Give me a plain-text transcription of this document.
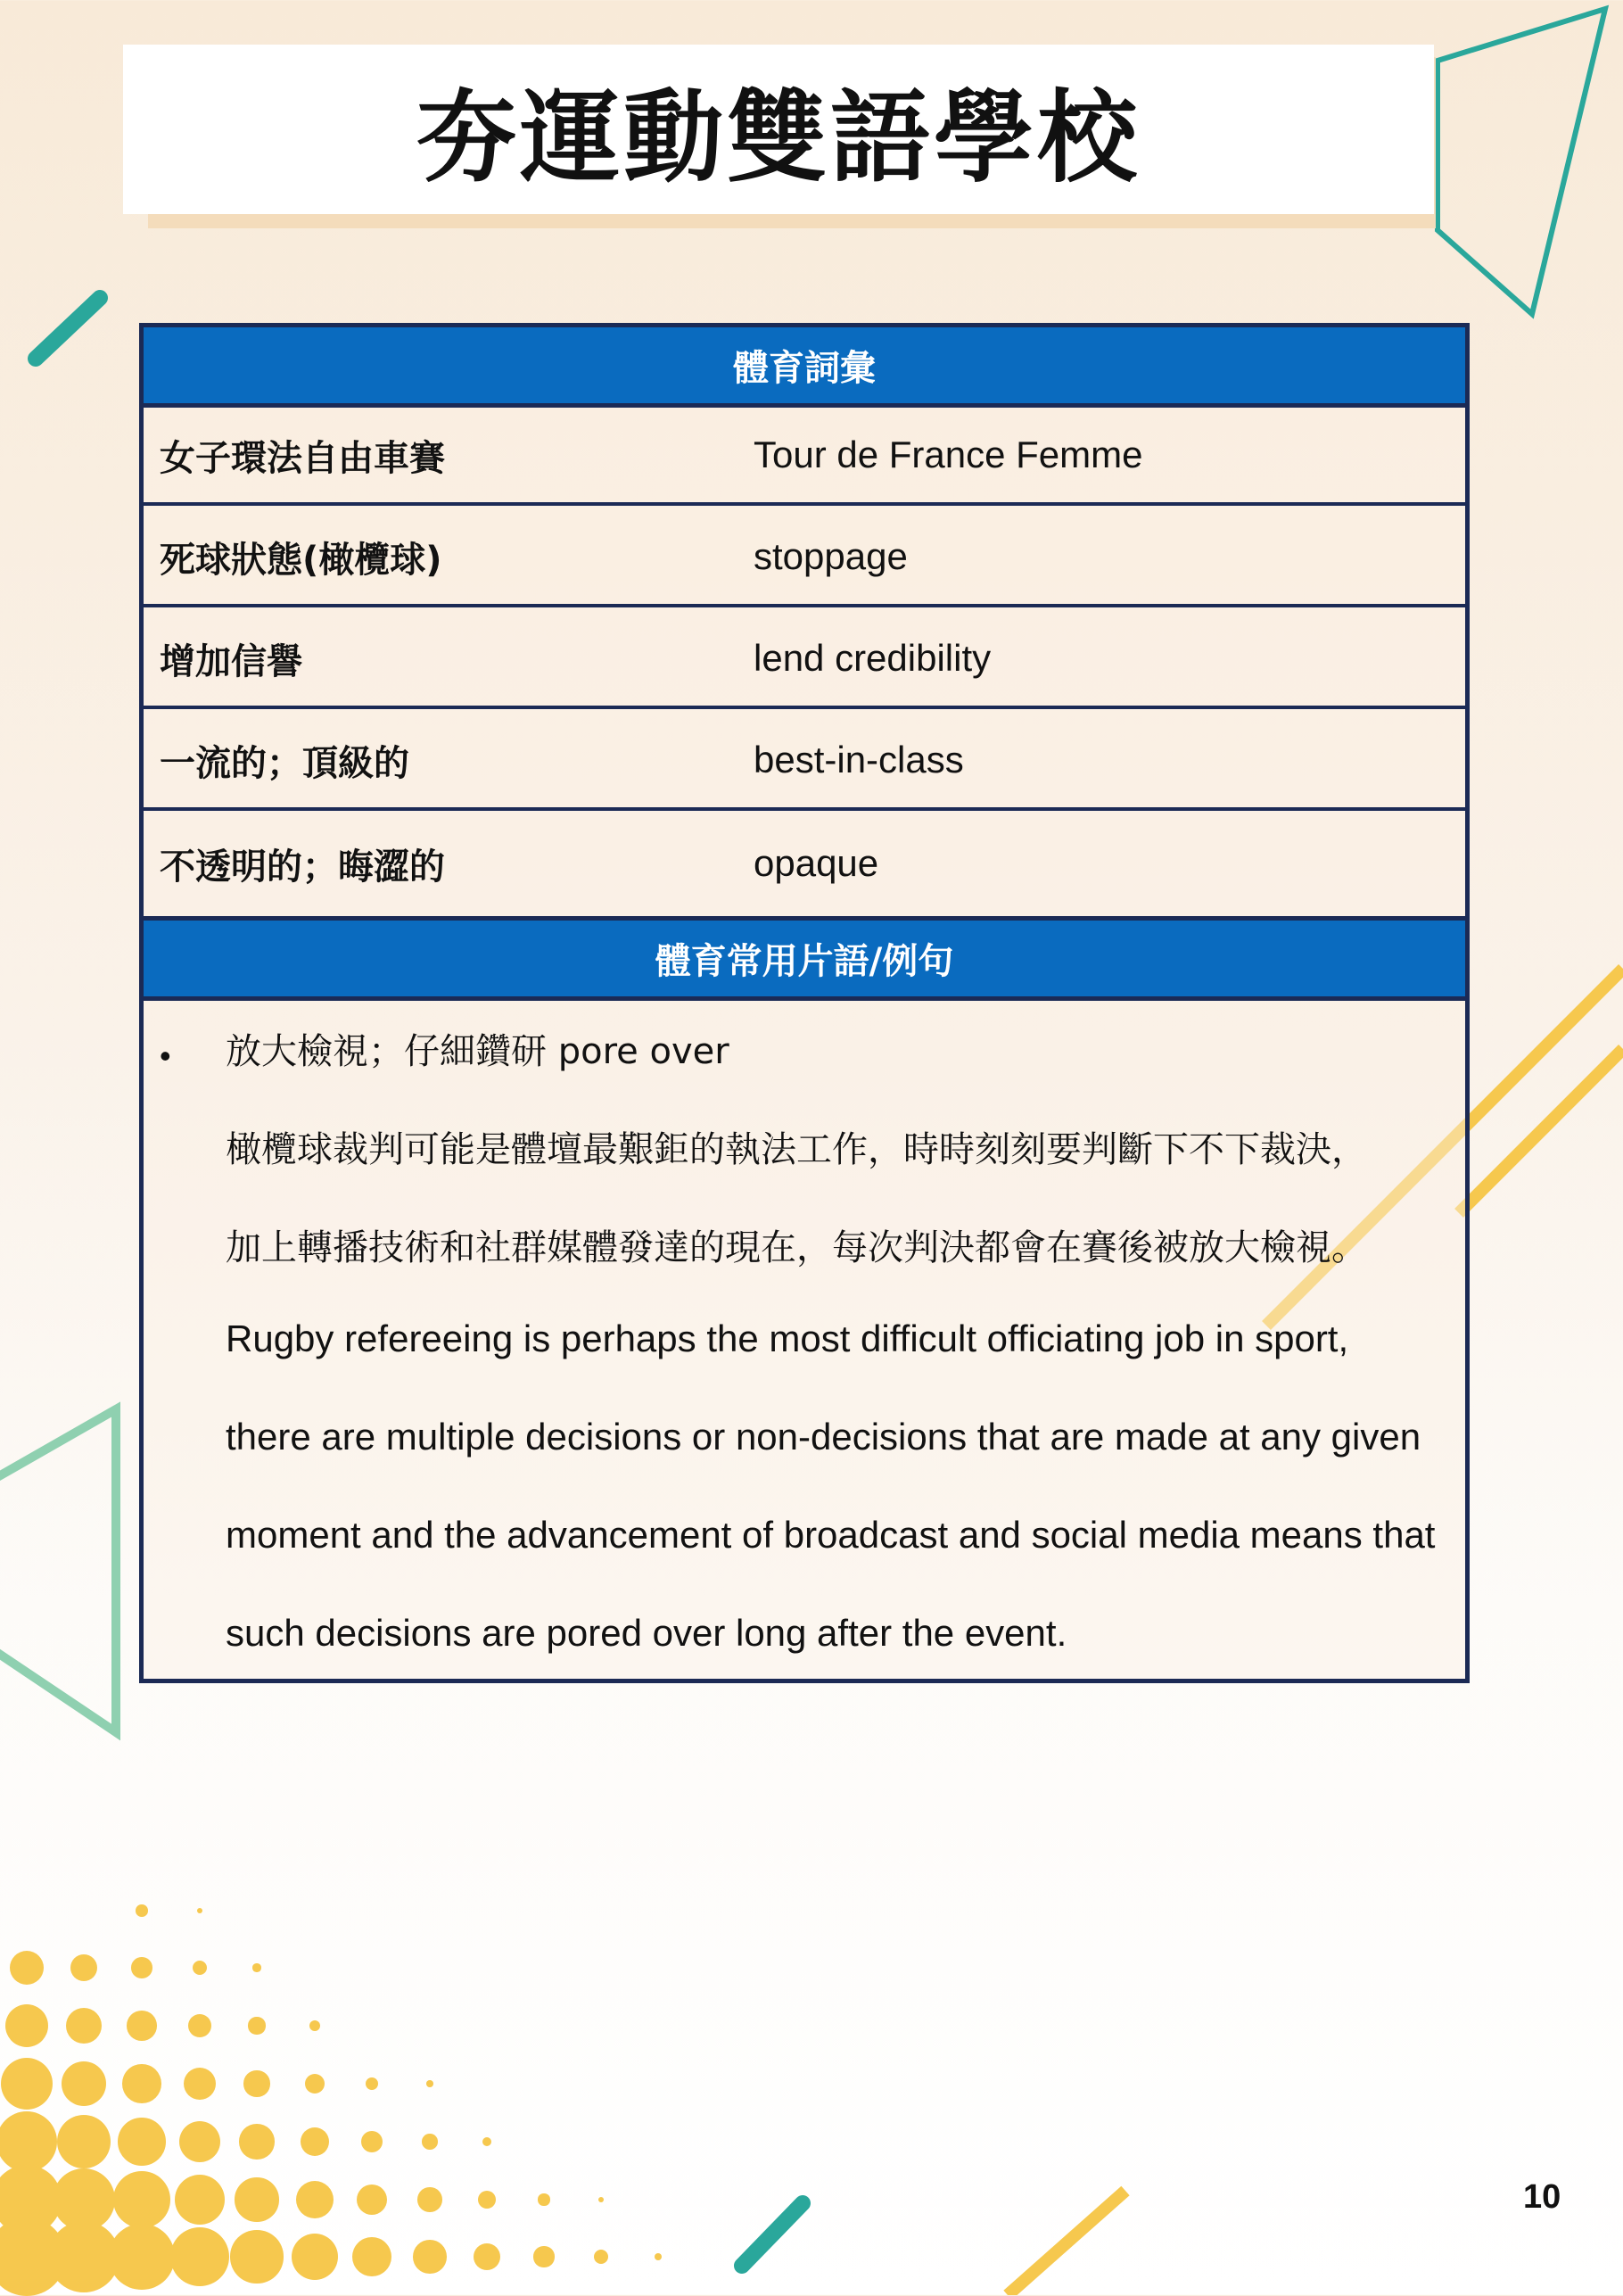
夯運動雙語學校
體育詞彙
女子環法自由車賽	Tour de France Femme
死球狀態(橄欖球)	stoppage
增加信譽	lend credibility
一流的；頂級的	best-in-class
不透明的；晦澀的	opaque
體育常用片語/例句
• 放大檢視；仔細鑽研 pore over
橄欖球裁判可能是體壇最艱鉅的執法工作，時時刻刻要判斷下不下裁決，
加上轉播技術和社群媒體發達的現在，每次判決都會在賽後被放大檢視。
Rugby refereeing is perhaps the most difficult officiating job in sport,
there are multiple decisions or non-decisions that are made at any given
moment and the advancement of broadcast and social media means that
such decisions are pored over long after the event.
10
